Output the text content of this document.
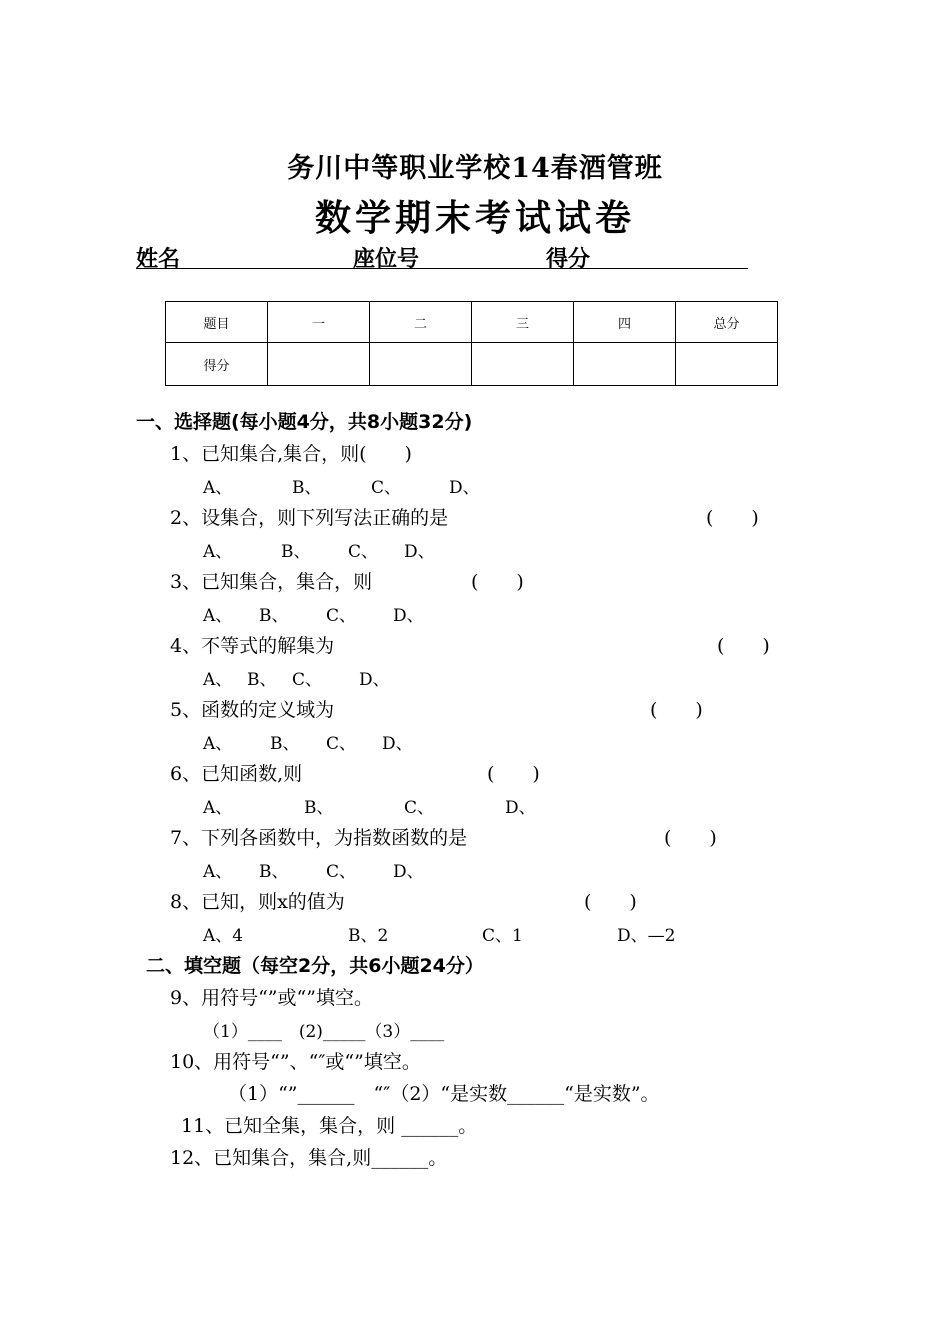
务川中等职业学校14春酒管班
数学期末考试试卷
姓名	座位号	得分
题目	一	二	三	四	总分
得分					
一、选择题(每小题4分，共8小题32分)
1、已知集合,集合，则(　　)
A、	B、	C、	D、
2、设集合，则下列写法正确的是	(　　)
A、	B、 C、 D、
3、已知集合，集合，则	(　　)
A、 B、 C、 D、
4、不等式的解集为	(　　)
A、 B、 C、 D、
5、函数的定义域为	(　　)
A、 B、 C、 D、
6、已知函数,则	(　　)
A、	B、	C、	D、
7、下列各函数中，为指数函数的是	(　　)
A、 B、 C、 D、
8、已知，则x的值为	(　　)
A、4	B、2	C、1	D、—2
二、填空题（每空2分，共6小题24分）
9、用符号“”或“”填空。
（1）____　(2)_____（3）____
10、用符号“”、“″或“”填空。
（1）“”______　“″（2）“是实数______“是实数”。
11、已知全集，集合，则 ______。
12、已知集合，集合,则______。
